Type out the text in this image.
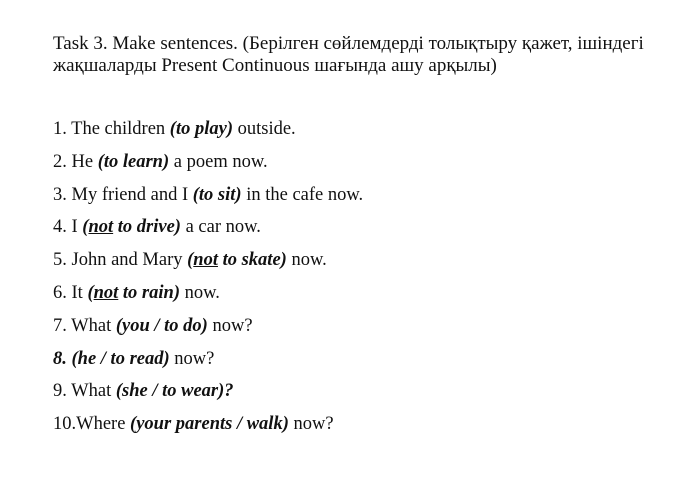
Task 3. Make sentences. (Берілген сөйлемдерді толықтыру қажет, ішіндегі
жақшаларды Present Continuous шағында ашу арқылы)
1. The children (to play) outside.
2. He (to learn) a poem now.
3. My friend and I (to sit) in the cafe now.
4. I (not to drive) a car now.
5. John and Mary (not to skate) now.
6. It (not to rain) now.
7. What (you / to do) now?
8. (he / to read) now?
9. What (she / to wear)?
10.Where (your parents / walk) now?
